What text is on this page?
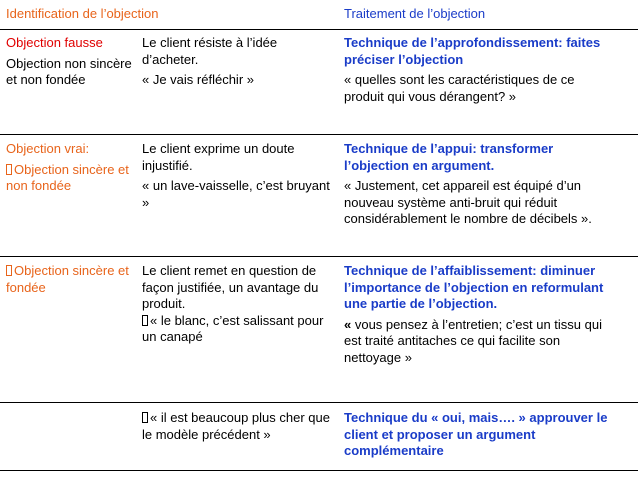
Identification de l’objection	Traitement de l’objection

Objection fausse

Objection non sincère et non fondée

Le client résiste à l’idée d’acheter.

« Je vais réfléchir »

Technique de l’approfondissement: faites préciser l’objection

« quelles sont les caractéristiques de ce produit qui vous dérangent? »

Objection vrai:

Objection sincère et non fondée

Le client exprime un doute injustifié.

« un lave-vaisselle, c’est bruyant »

Technique de l’appui: transformer l’objection en argument.

« Justement, cet appareil est équipé d’un nouveau système anti-bruit qui réduit considérablement le nombre de décibels ».

Objection sincère et fondée

Le client remet en question de façon justifiée, un avantage du produit.

« le blanc, c’est salissant pour un canapé

Technique de l’affaiblissement: diminuer l’importance de l’objection en reformulant une partie de l’objection.

« vous pensez à l’entretien; c’est un tissu qui est traité antitaches ce qui facilite son nettoyage »

« il est beaucoup plus cher que le modèle précédent »

Technique du « oui, mais…. » approuver le client et proposer un argument complémentaire
